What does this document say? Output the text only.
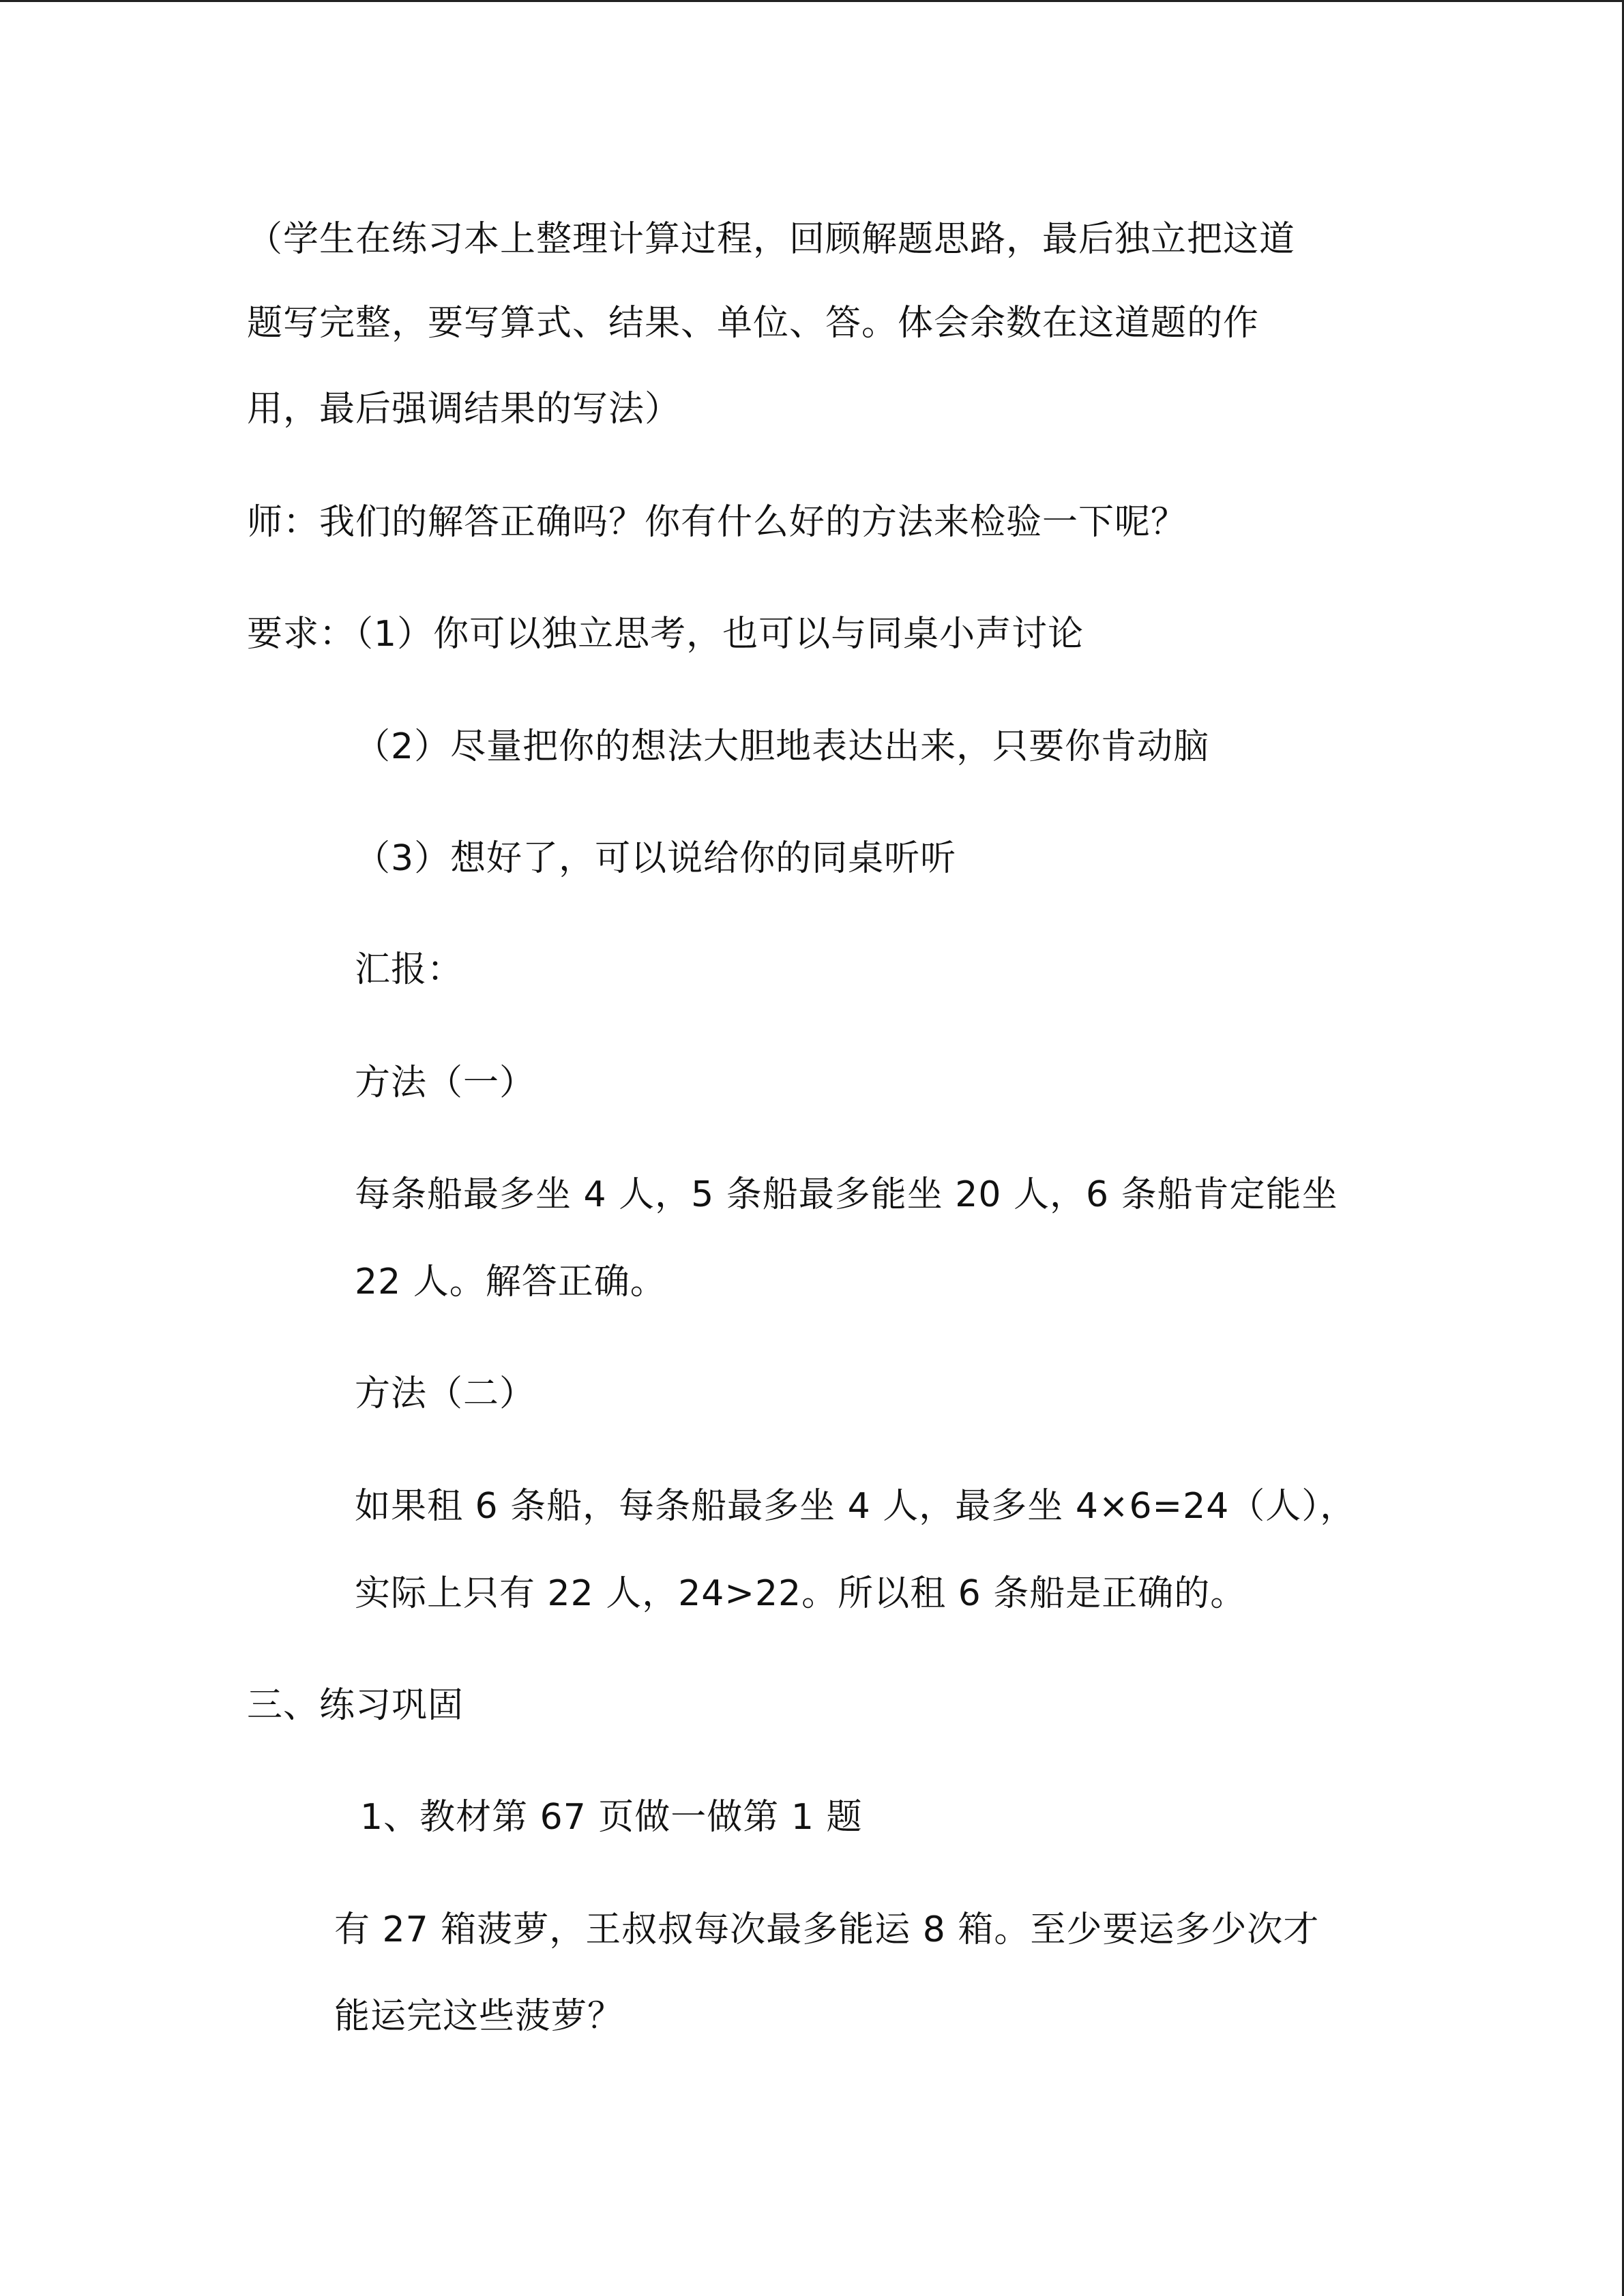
（学生在练习本上整理计算过程，回顾解题思路，最后独立把这道
题写完整，要写算式、结果、单位、答。体会余数在这道题的作
用，最后强调结果的写法）
师：我们的解答正确吗？你有什么好的方法来检验一下呢？
要求：（1）你可以独立思考，也可以与同桌小声讨论
（2）尽量把你的想法大胆地表达出来，只要你肯动脑
（3）想好了，可以说给你的同桌听听
汇报：
方法（一）
每条船最多坐 4 人，5 条船最多能坐 20 人，6 条船肯定能坐
22 人。解答正确。
方法（二）
如果租 6 条船，每条船最多坐 4 人，最多坐 4×6=24（人），
实际上只有 22 人，24>22。所以租 6 条船是正确的。
三、练习巩固
1、教材第 67 页做一做第 1 题
有 27 箱菠萝，王叔叔每次最多能运 8 箱。至少要运多少次才
能运完这些菠萝？
